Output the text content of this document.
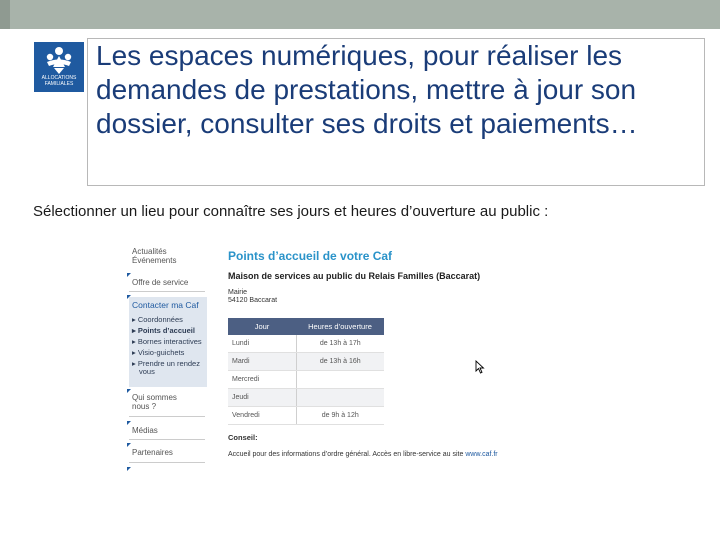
ALLOCATIONS
FAMILIALES
Les espaces numériques, pour réaliser les demandes de prestations, mettre à jour son dossier, consulter ses droits et paiements…

Sélectionner un lieu pour connaître ses jours et heures d’ouverture au public :

Actualités
Événements
Offre de service
Contacter ma Caf
▸ Coordonnées
▸ Points d’accueil
▸ Bornes interactives
▸ Visio-guichets
▸ Prendre un rendez
vous
Qui sommes
nous ?
Médias
Partenaires
Points d’accueil de votre Caf
Maison de services au public du Relais Familles (Baccarat)
Mairie
54120 Baccarat
Jour	Heures d’ouverture
Lundi	de 13h à 17h
Mardi	de 13h à 16h
Mercredi	
Jeudi	
Vendredi	de 9h à 12h
Conseil:
Accueil pour des informations d’ordre général. Accès en libre-service au site www.caf.fr
